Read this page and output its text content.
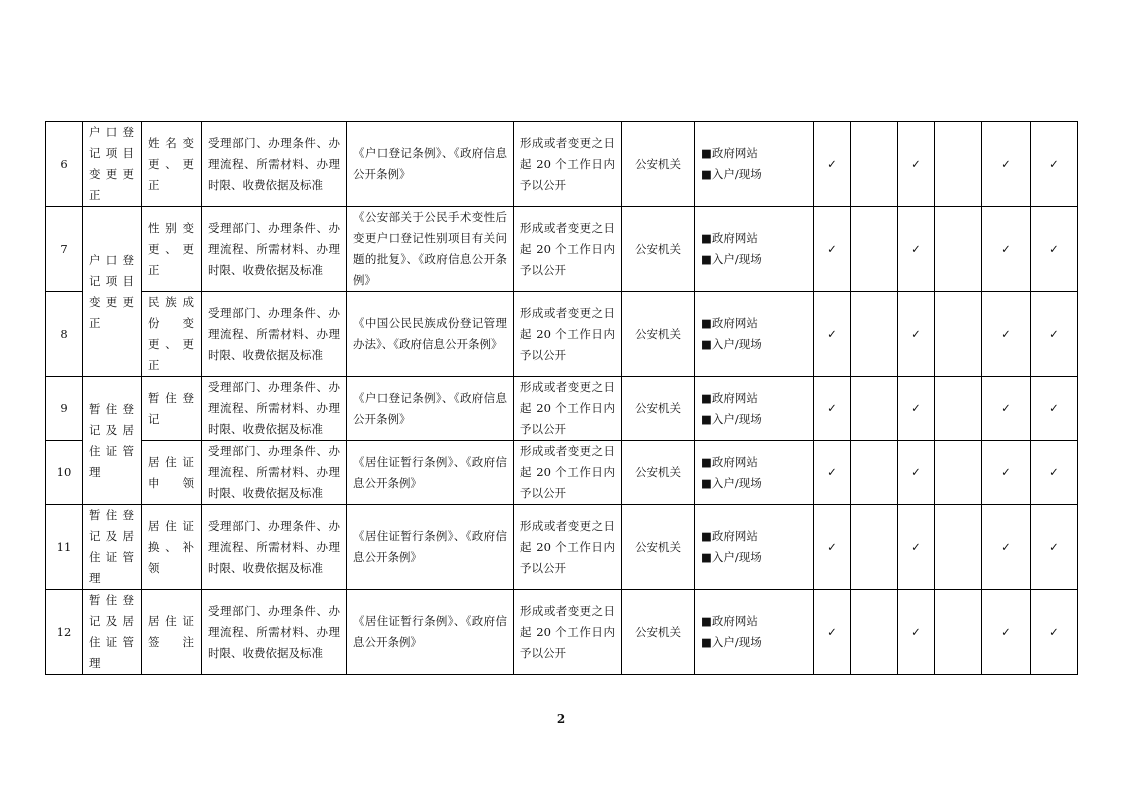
6	户口登记项目变更更正	姓名变更、更正	受理部门、办理条件、办理流程、所需材料、办理时限、收费依据及标准	《户口登记条例》、《政府信息公开条例》	形成或者变更之日起 20 个工作日内予以公开	公安机关	■政府网站
■入户/现场	✓		✓		✓	✓
7	户口登记项目变更更正	性别变更、更正	受理部门、办理条件、办理流程、所需材料、办理时限、收费依据及标准	《公安部关于公民手术变性后变更户口登记性别项目有关问题的批复》、《政府信息公开条例》	形成或者变更之日起 20 个工作日内予以公开	公安机关	■政府网站
■入户/现场	✓		✓		✓	✓
8		民族成份变更、更正	受理部门、办理条件、办理流程、所需材料、办理时限、收费依据及标准	《中国公民民族成份登记管理办法》、《政府信息公开条例》	形成或者变更之日起 20 个工作日内予以公开	公安机关	■政府网站
■入户/现场	✓		✓		✓	✓
9	暂住登记及居住证管理	暂住登记	受理部门、办理条件、办理流程、所需材料、办理时限、收费依据及标准	《户口登记条例》、《政府信息公开条例》	形成或者变更之日起 20 个工作日内予以公开	公安机关	■政府网站
■入户/现场	✓		✓		✓	✓
10		居住证申领	受理部门、办理条件、办理流程、所需材料、办理时限、收费依据及标准	《居住证暂行条例》、《政府信息公开条例》	形成或者变更之日起 20 个工作日内予以公开	公安机关	■政府网站
■入户/现场	✓		✓		✓	✓
11	暂住登记及居住证管理	居住证换、补领	受理部门、办理条件、办理流程、所需材料、办理时限、收费依据及标准	《居住证暂行条例》、《政府信息公开条例》	形成或者变更之日起 20 个工作日内予以公开	公安机关	■政府网站
■入户/现场	✓		✓		✓	✓
12	暂住登记及居住证管理	居住证签注	受理部门、办理条件、办理流程、所需材料、办理时限、收费依据及标准	《居住证暂行条例》、《政府信息公开条例》	形成或者变更之日起 20 个工作日内予以公开	公安机关	■政府网站
■入户/现场	✓		✓		✓	✓
2
